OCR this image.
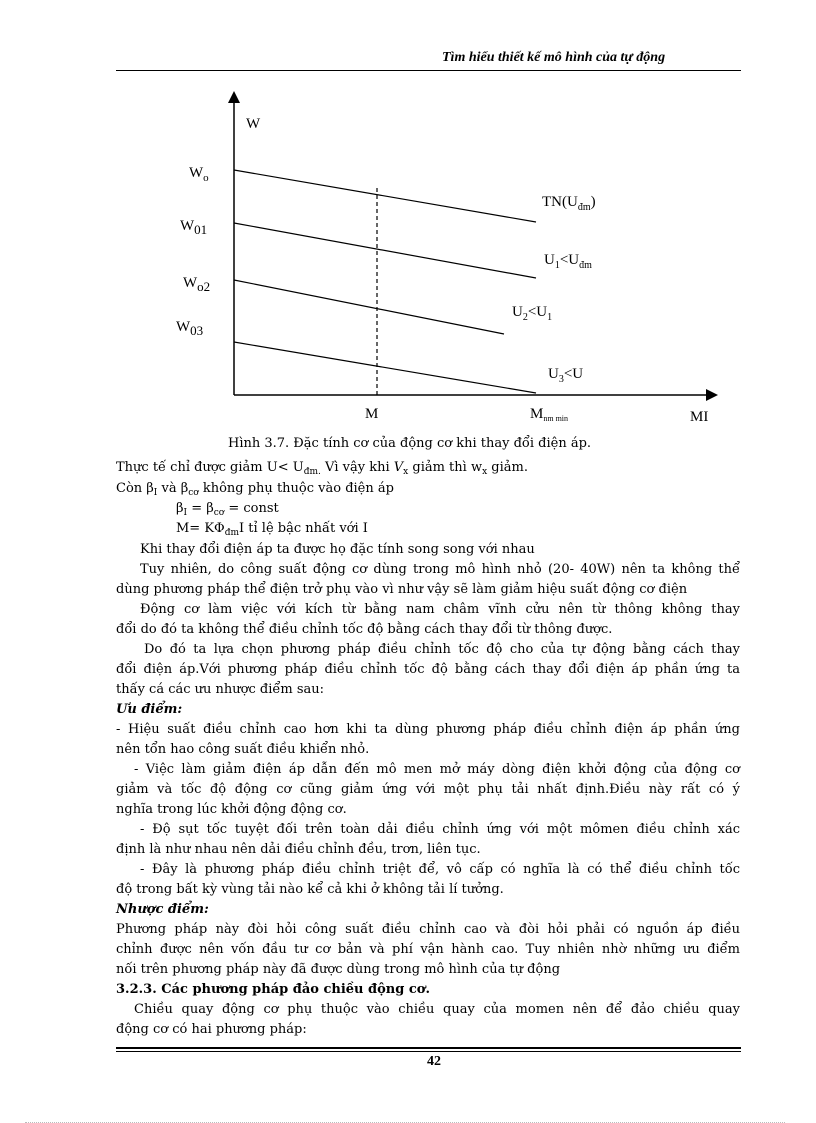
Tìm hiểu thiết kế mô hình của tự động
W
MI
$W_o$
W01
Wo2
W03
$TN(U_{đm})$
$U_1<U_{đm}$
$U_2<U_1$
$U_3<U$
M	$M_{nm min}$
Hình 3.7. Đặc tính cơ của động cơ khi thay đổi điện áp.
Thực tế chỉ được giảm $U< U_{đm.}$ Vì vậy khi $V_x$ giảm thì $w_x$ giảm.
Còn $\beta_I$ và $\beta_{cơ}$ không phụ thuộc vào điện áp
$\beta_I = \beta_{cơ}$ = const
$M= K\Phi_{đm}I$ tỉ lệ bậc nhất với I
Khi thay đổi điện áp ta được họ đặc tính song song với nhau
Tuy nhiên, do công suất động cơ dùng trong mô hình nhỏ (20- 40W) nên ta không thể
dùng phương pháp thể điện trở phụ vào vì như vậy sẽ làm giảm hiệu suất động cơ điện
Động cơ làm việc với kích từ bằng nam châm vĩnh cửu nên từ thông không thay
đổi do đó ta không thể điều chỉnh tốc độ bằng cách thay đổi từ thông được.
Do đó ta lựa chọn phương pháp điều chỉnh tốc độ cho của tự động bằng cách thay
đổi điện áp.Với phương pháp điều chỉnh tốc độ bằng cách thay đổi điện áp phần ứng ta
thấy cá các ưu nhược điểm sau:
Ưu điểm:
- Hiệu suất điều chỉnh cao hơn khi ta dùng phương pháp điều chỉnh điện áp phần ứng
nên tổn hao công suất điều khiển nhỏ.
- Việc làm giảm điện áp dẫn đến mô men mở máy dòng điện khởi động của động cơ
giảm và tốc độ động cơ cũng giảm ứng với một phụ tải nhất định.Điều này rất có ý
nghĩa trong lúc khởi động động cơ.
- Độ sụt tốc tuyệt đối trên toàn dải điều chỉnh ứng với một mômen điều chỉnh xác
định là như nhau nên dải điều chỉnh đều, trơn, liên tục.
- Đây là phương pháp điều chỉnh triệt để, vô cấp có nghĩa là có thể điều chỉnh tốc
độ trong bất kỳ vùng tải nào kể cả khi ở không tải lí tưởng.
Nhược điểm:
Phương pháp này đòi hỏi công suất điều chỉnh cao và đòi hỏi phải có nguồn áp điều
chỉnh được nên vốn đầu tư cơ bản và phí vận hành cao. Tuy nhiên nhờ những ưu điểm
nối trên phương pháp này đã được dùng trong mô hình của tự động
3.2.3. Các phương pháp đảo chiều động cơ.
Chiều quay động cơ phụ thuộc vào chiều quay của momen nên để đảo chiều quay
động cơ có hai phương pháp:
42
